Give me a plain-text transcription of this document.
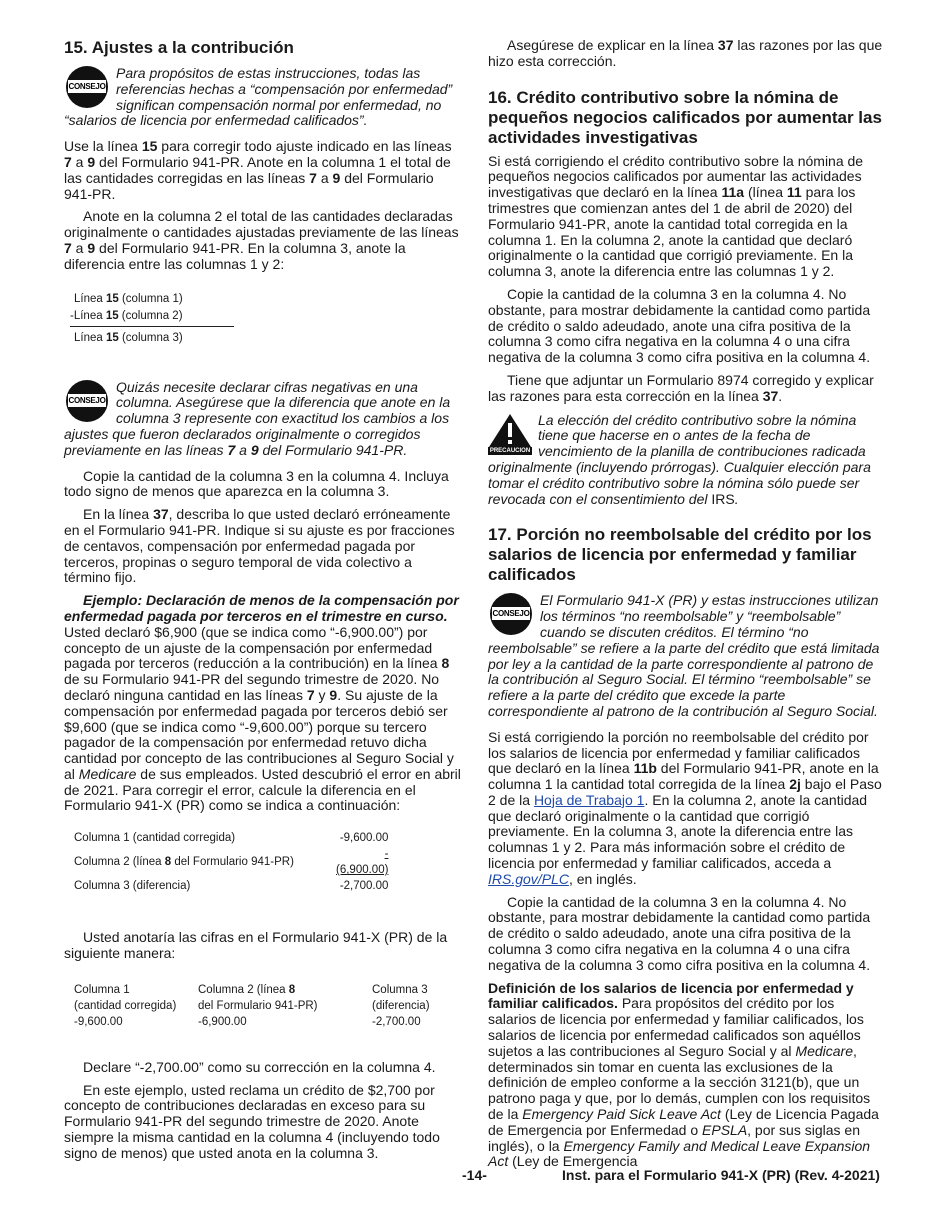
15. Ajustes a la contribución
CONSEJO
Para propósitos de estas instrucciones, todas las referencias hechas a “compensación por enfermedad” significan compensación normal por enfermedad, no “salarios de licencia por enfermedad calificados”.

Use la línea 15 para corregir todo ajuste indicado en las líneas 7 a 9 del Formulario 941-PR. Anote en la columna 1 el total de las cantidades corregidas en las líneas 7 a 9 del Formulario 941-PR.

Anote en la columna 2 el total de las cantidades declaradas originalmente o cantidades ajustadas previamente de las líneas 7 a 9 del Formulario 941-PR. En la columna 3, anote la diferencia entre las columnas 1 y 2:

Línea 15 (columna 1)
-Línea 15 (columna 2)
Línea 15 (columna 3)
CONSEJO
Quizás necesite declarar cifras negativas en una columna. Asegúrese que la diferencia que anote en la columna 3 represente con exactitud los cambios a los ajustes que fueron declarados originalmente o corregidos previamente en las líneas 7 a 9 del Formulario 941-PR.

Copie la cantidad de la columna 3 en la columna 4. Incluya todo signo de menos que aparezca en la columna 3.

En la línea 37, describa lo que usted declaró erróneamente en el Formulario 941-PR. Indique si su ajuste es por fracciones de centavos, compensación por enfermedad pagada por terceros, propinas o seguro temporal de vida colectivo a término fijo.

Ejemplo: Declaración de menos de la compensación por enfermedad pagada por terceros en el trimestre en curso. Usted declaró $6,900 (que se indica como “-6,900.00”) por concepto de un ajuste de la compensación por enfermedad pagada por terceros (reducción a la contribución) en la línea 8 de su Formulario 941-PR del segundo trimestre de 2020. No declaró ninguna cantidad en las líneas 7 y 9. Su ajuste de la compensación por enfermedad pagada por terceros debió ser $9,600 (que se indica como “-9,600.00”) porque su tercero pagador de la compensación por enfermedad retuvo dicha cantidad por concepto de las contribuciones al Seguro Social y al Medicare de sus empleados. Usted descubrió el error en abril de 2021. Para corregir el error, calcule la diferencia en el Formulario 941-X (PR) como se indica a continuación:

Columna 1 (cantidad corregida)	-9,600.00
Columna 2 (línea 8 del Formulario 941-PR)	- (6,900.00)
Columna 3 (diferencia)	-2,700.00

Usted anotaría las cifras en el Formulario 941-X (PR) de la siguiente manera:

Columna 1	Columna 2 (línea 8	Columna 3
(cantidad corregida)	del Formulario 941-PR)	(diferencia)
-9,600.00	-6,900.00	-2,700.00

Declare “-2,700.00” como su corrección en la columna 4.

En este ejemplo, usted reclama un crédito de $2,700 por concepto de contribuciones declaradas en exceso para su Formulario 941-PR del segundo trimestre de 2020. Anote siempre la misma cantidad en la columna 4 (incluyendo todo signo de menos) que usted anota en la columna 3.

Asegúrese de explicar en la línea 37 las razones por las que hizo esta corrección.

16. Crédito contributivo sobre la nómina de pequeños negocios calificados por aumentar las actividades investigativas

Si está corrigiendo el crédito contributivo sobre la nómina de pequeños negocios calificados por aumentar las actividades investigativas que declaró en la línea 11a (línea 11 para los trimestres que comienzan antes del 1 de abril de 2020) del Formulario 941-PR, anote la cantidad total corregida en la columna 1. En la columna 2, anote la cantidad que declaró originalmente o la cantidad que corrigió previamente. En la columna 3, anote la diferencia entre las columnas 1 y 2.

Copie la cantidad de la columna 3 en la columna 4. No obstante, para mostrar debidamente la cantidad como partida de crédito o saldo adeudado, anote una cifra positiva de la columna 3 como cifra negativa en la columna 4 o una cifra negativa de la columna 3 como cifra positiva en la columna 4.

Tiene que adjuntar un Formulario 8974 corregido y explicar las razones para esta corrección en la línea 37.

PRECAUCION
La elección del crédito contributivo sobre la nómina tiene que hacerse en o antes de la fecha de vencimiento de la planilla de contribuciones radicada originalmente (incluyendo prórrogas). Cualquier elección para tomar el crédito contributivo sobre la nómina sólo puede ser revocada con el consentimiento del IRS.
17. Porción no reembolsable del crédito por los salarios de licencia por enfermedad y familiar calificados
CONSEJO
El Formulario 941-X (PR) y estas instrucciones utilizan los términos “no reembolsable” y “reembolsable” cuando se discuten créditos. El término “no reembolsable” se refiere a la parte del crédito que está limitada por ley a la cantidad de la parte correspondiente al patrono de la contribución al Seguro Social. El término “reembolsable” se refiere a la parte del crédito que excede la parte correspondiente al patrono de la contribución al Seguro Social.

Si está corrigiendo la porción no reembolsable del crédito por los salarios de licencia por enfermedad y familiar calificados que declaró en la línea 11b del Formulario 941-PR, anote en la columna 1 la cantidad total corregida de la línea 2j bajo el Paso 2 de la Hoja de Trabajo 1. En la columna 2, anote la cantidad que declaró originalmente o la cantidad que corrigió previamente. En la columna 3, anote la diferencia entre las columnas 1 y 2. Para más información sobre el crédito de licencia por enfermedad y familiar calificados, acceda a IRS.gov/PLC, en inglés.

Copie la cantidad de la columna 3 en la columna 4. No obstante, para mostrar debidamente la cantidad como partida de crédito o saldo adeudado, anote una cifra positiva de la columna 3 como cifra negativa en la columna 4 o una cifra negativa de la columna 3 como cifra positiva en la columna 4.

Definición de los salarios de licencia por enfermedad y familiar calificados. Para propósitos del crédito por los salarios de licencia por enfermedad y familiar calificados, los salarios de licencia por enfermedad calificados son aquéllos sujetos a las contribuciones al Seguro Social y al Medicare, determinados sin tomar en cuenta las exclusiones de la definición de empleo conforme a la sección 3121(b), que un patrono paga y que, por lo demás, cumplen con los requisitos de la Emergency Paid Sick Leave Act (Ley de Licencia Pagada de Emergencia por Enfermedad o EPSLA, por sus siglas en inglés), o la Emergency Family and Medical Leave Expansion Act (Ley de Emergencia

-14-	Inst. para el Formulario 941-X (PR) (Rev. 4-2021)
